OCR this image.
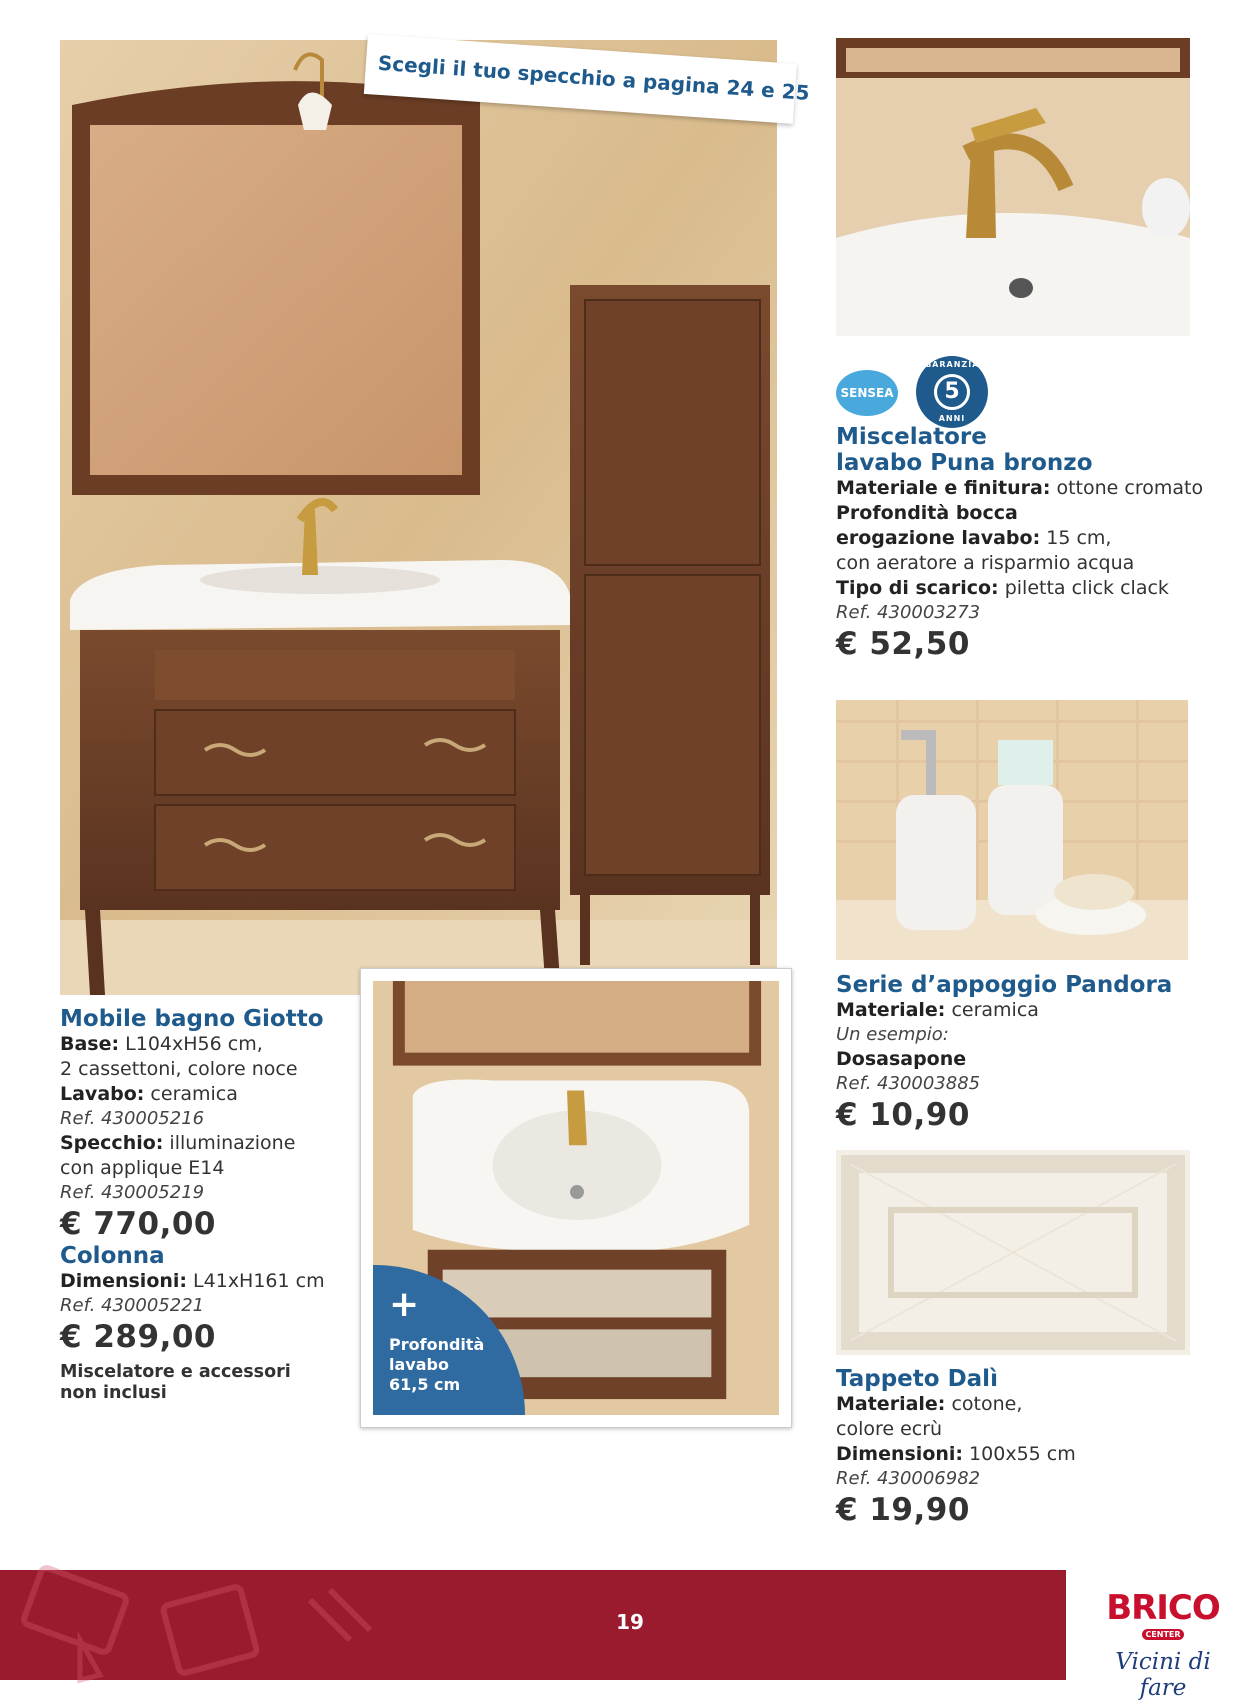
Scegli il tuo specchio a pagina 24 e 25
Mobile bagno Giotto
Base: L104xH56 cm,
2 cassettoni, colore noce
Lavabo: ceramica
Ref. 430005216
Specchio: illuminazione
con applique E14
Ref. 430005219
€ 770,00
Colonna
Dimensioni: L41xH161 cm
Ref. 430005221
€ 289,00
Miscelatore e accessori
non inclusi
+
Profondità
lavabo
61,5 cm
SENSEA
GARANZIA
5
ANNI
Miscelatore
lavabo Puna bronzo
Materiale e finitura: ottone cromato
Profondità bocca
erogazione lavabo: 15 cm,
con aeratore a risparmio acqua
Tipo di scarico: piletta click clack
Ref. 430003273
€ 52,50
Serie d’appoggio Pandora
Materiale: ceramica
Un esempio:
Dosasapone
Ref. 430003885
€ 10,90
Tappeto Dalì
Materiale: cotone,
colore ecrù
Dimensioni: 100x55 cm
Ref. 430006982
€ 19,90
19	BRICOCENTER
Vicini di fare
